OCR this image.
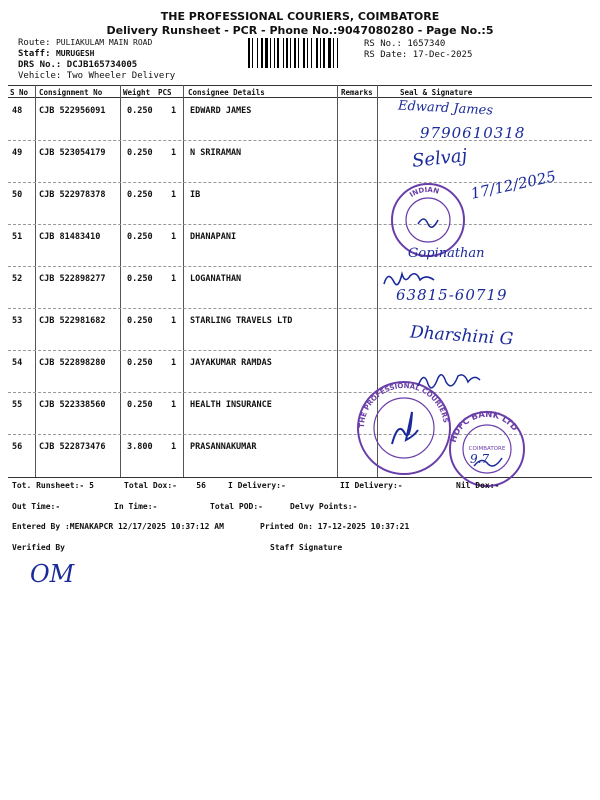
THE PROFESSIONAL COURIERS, COIMBATORE
Delivery Runsheet - PCR - Phone No.:9047080280 - Page No.:5
Route: PULIAKULAM MAIN ROAD
Staff: MURUGESH
DRS No.: DCJB165734005
Vehicle: Two Wheeler Delivery
RS No.: 1657340
RS Date: 17-Dec-2025
S No Consignment No	Weight PCS Consignee Details	Remarks	Seal & Signature
48 CJB 522956091	0.250 1 EDWARD JAMES
49 CJB 523054179	0.250 1 N SRIRAMAN
50 CJB 522978378	0.250 1 IB
51 CJB 81483410	0.250 1 DHANAPANI
52 CJB 522898277	0.250 1 LOGANATHAN
53 CJB 522981682	0.250 1 STARLING TRAVELS LTD
54 CJB 522898280	0.250 1 JAYAKUMAR RAMDAS
55 CJB 522338560	0.250 1 HEALTH INSURANCE
56 CJB 522873476	3.800 1 PRASANNAKUMAR
INDIAN
THE PROFESSIONAL COURIERS
HDFC BANK LTD
COIMBATORE
Edward James
9790610318
Selvaj
17/12/2025
Gopinathan
63815-60719
Dharshini G
9.7
Tot. Runsheet:- 5	Total Dox:- 56	I Delivery:-	II Delivery:-	Nil Dox:-
Out Time:-	In Time:-	Total POD:-	Delvy Points:-
Entered By :MENAKAPCR 12/17/2025 10:37:12 AM	Printed On: 17-12-2025 10:37:21
Verified By	Staff Signature
OM
